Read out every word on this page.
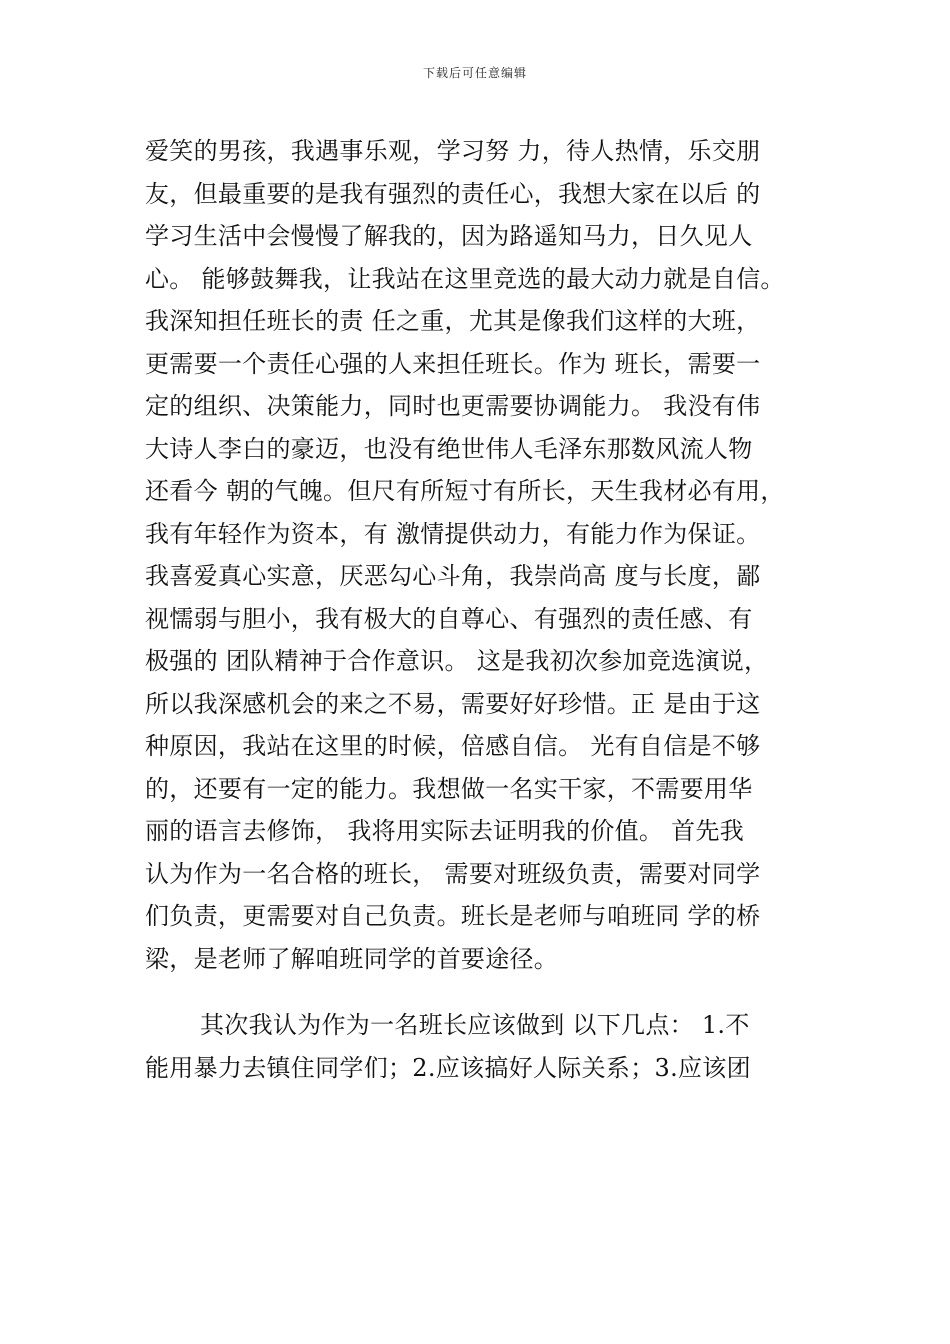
下载后可任意编辑
爱笑的男孩，我遇事乐观，学习努 力，待人热情，乐交朋
友，但最重要的是我有强烈的责任心，我想大家在以后 的
学习生活中会慢慢了解我的，因为路遥知马力，日久见人
心。 能够鼓舞我，让我站在这里竞选的最大动力就是自信。
我深知担任班长的责 任之重，尤其是像我们这样的大班，
更需要一个责任心强的人来担任班长。作为 班长，需要一
定的组织、决策能力，同时也更需要协调能力。 我没有伟
大诗人李白的豪迈，也没有绝世伟人毛泽东那数风流人物
还看今 朝的气魄。但尺有所短寸有所长，天生我材必有用，
我有年轻作为资本，有 激情提供动力，有能力作为保证。
我喜爱真心实意，厌恶勾心斗角，我崇尚高 度与长度，鄙
视懦弱与胆小，我有极大的自尊心、有强烈的责任感、有
极强的 团队精神于合作意识。 这是我初次参加竞选演说，
所以我深感机会的来之不易，需要好好珍惜。正 是由于这
种原因，我站在这里的时候，倍感自信。 光有自信是不够
的，还要有一定的能力。我想做一名实干家，不需要用华
丽的语言去修饰， 我将用实际去证明我的价值。 首先我
认为作为一名合格的班长， 需要对班级负责，需要对同学
们负责，更需要对自己负责。班长是老师与咱班同 学的桥
梁，是老师了解咱班同学的首要途径。
其次我认为作为一名班长应该做到 以下几点： 1.不
能用暴力去镇住同学们；2.应该搞好人际关系；3.应该团
